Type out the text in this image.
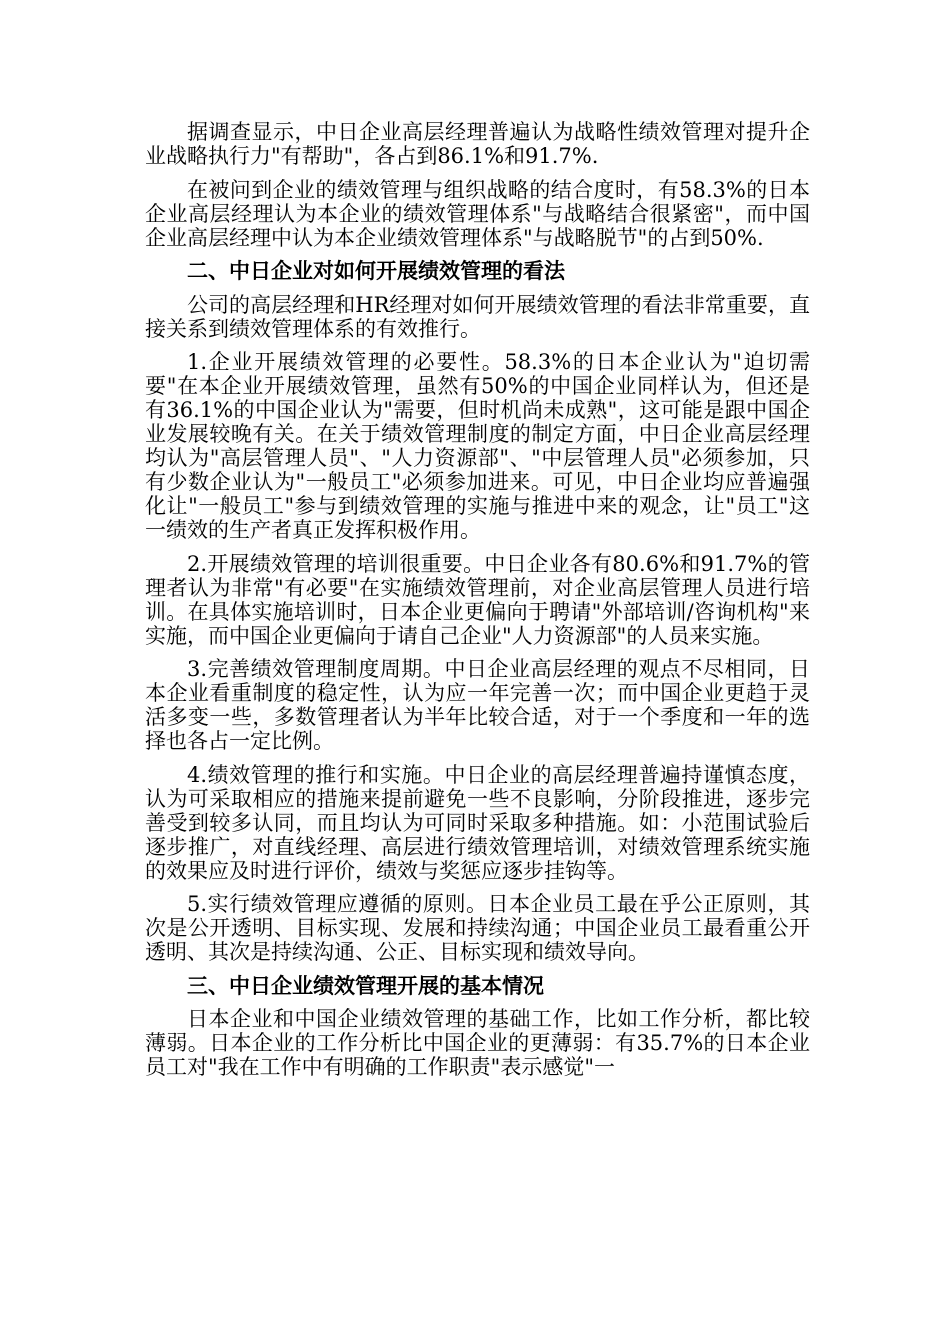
据调查显示，中日企业高层经理普遍认为战略性绩效管理对提升企业战略执行力"有帮助"，各占到86.1%和91.7%.

在被问到企业的绩效管理与组织战略的结合度时，有58.3%的日本企业高层经理认为本企业的绩效管理体系"与战略结合很紧密"，而中国企业高层经理中认为本企业绩效管理体系"与战略脱节"的占到50%.

二、中日企业对如何开展绩效管理的看法

公司的高层经理和HR经理对如何开展绩效管理的看法非常重要，直接关系到绩效管理体系的有效推行。

1.企业开展绩效管理的必要性。58.3%的日本企业认为"迫切需要"在本企业开展绩效管理，虽然有50%的中国企业同样认为，但还是有36.1%的中国企业认为"需要，但时机尚未成熟"，这可能是跟中国企业发展较晚有关。在关于绩效管理制度的制定方面，中日企业高层经理均认为"高层管理人员"、"人力资源部"、"中层管理人员"必须参加，只有少数企业认为"一般员工"必须参加进来。可见，中日企业均应普遍强化让"一般员工"参与到绩效管理的实施与推进中来的观念，让"员工"这一绩效的生产者真正发挥积极作用。

2.开展绩效管理的培训很重要。中日企业各有80.6%和91.7%的管理者认为非常"有必要"在实施绩效管理前，对企业高层管理人员进行培训。在具体实施培训时，日本企业更偏向于聘请"外部培训/咨询机构"来实施，而中国企业更偏向于请自己企业"人力资源部"的人员来实施。

3.完善绩效管理制度周期。中日企业高层经理的观点不尽相同，日本企业看重制度的稳定性，认为应一年完善一次；而中国企业更趋于灵活多变一些，多数管理者认为半年比较合适，对于一个季度和一年的选择也各占一定比例。

4.绩效管理的推行和实施。中日企业的高层经理普遍持谨慎态度，认为可采取相应的措施来提前避免一些不良影响，分阶段推进，逐步完善受到较多认同，而且均认为可同时采取多种措施。如：小范围试验后逐步推广，对直线经理、高层进行绩效管理培训，对绩效管理系统实施的效果应及时进行评价，绩效与奖惩应逐步挂钩等。

5.实行绩效管理应遵循的原则。日本企业员工最在乎公正原则，其次是公开透明、目标实现、发展和持续沟通；中国企业员工最看重公开透明、其次是持续沟通、公正、目标实现和绩效导向。

三、中日企业绩效管理开展的基本情况

日本企业和中国企业绩效管理的基础工作，比如工作分析，都比较薄弱。日本企业的工作分析比中国企业的更薄弱：有35.7%的日本企业员工对"我在工作中有明确的工作职责"表示感觉"一
